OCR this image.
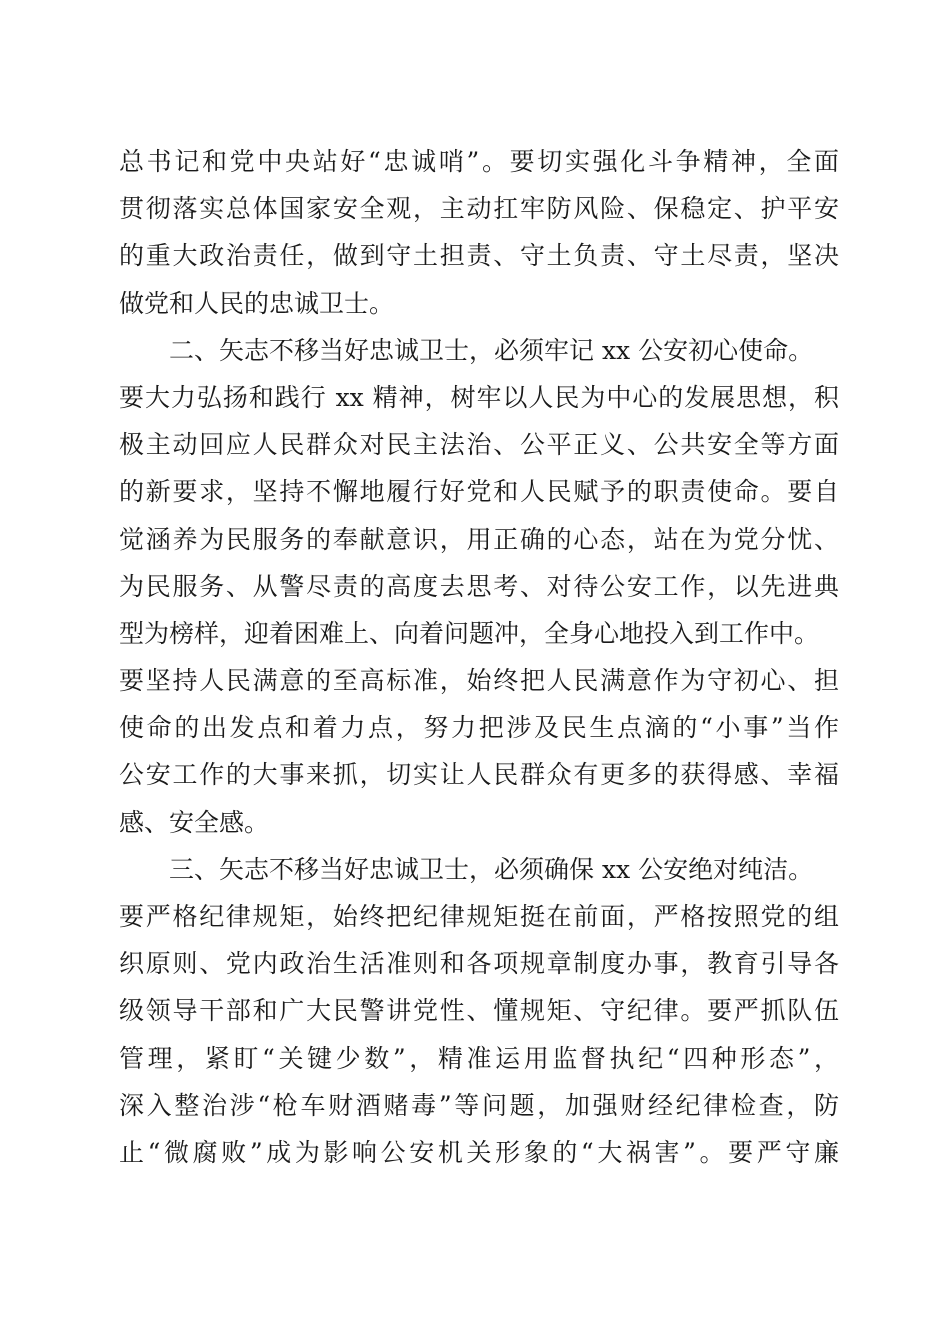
总书记和党中央站好“忠诚哨”。要切实强化斗争精神，全面
贯彻落实总体国家安全观，主动扛牢防风险、保稳定、护平安
的重大政治责任，做到守土担责、守土负责、守土尽责，坚决
做党和人民的忠诚卫士。
二、矢志不移当好忠诚卫士，必须牢记 xx 公安初心使命。
要大力弘扬和践行 xx 精神，树牢以人民为中心的发展思想，积
极主动回应人民群众对民主法治、公平正义、公共安全等方面
的新要求，坚持不懈地履行好党和人民赋予的职责使命。要自
觉涵养为民服务的奉献意识，用正确的心态，站在为党分忧、
为民服务、从警尽责的高度去思考、对待公安工作，以先进典
型为榜样，迎着困难上、向着问题冲，全身心地投入到工作中。
要坚持人民满意的至高标准，始终把人民满意作为守初心、担
使命的出发点和着力点，努力把涉及民生点滴的“小事”当作
公安工作的大事来抓，切实让人民群众有更多的获得感、幸福
感、安全感。
三、矢志不移当好忠诚卫士，必须确保 xx 公安绝对纯洁。
要严格纪律规矩，始终把纪律规矩挺在前面，严格按照党的组
织原则、党内政治生活准则和各项规章制度办事，教育引导各
级领导干部和广大民警讲党性、懂规矩、守纪律。要严抓队伍
管理，紧盯“关键少数”，精准运用监督执纪“四种形态”，
深入整治涉“枪车财酒赌毒”等问题，加强财经纪律检查，防
止“微腐败”成为影响公安机关形象的“大祸害”。要严守廉
